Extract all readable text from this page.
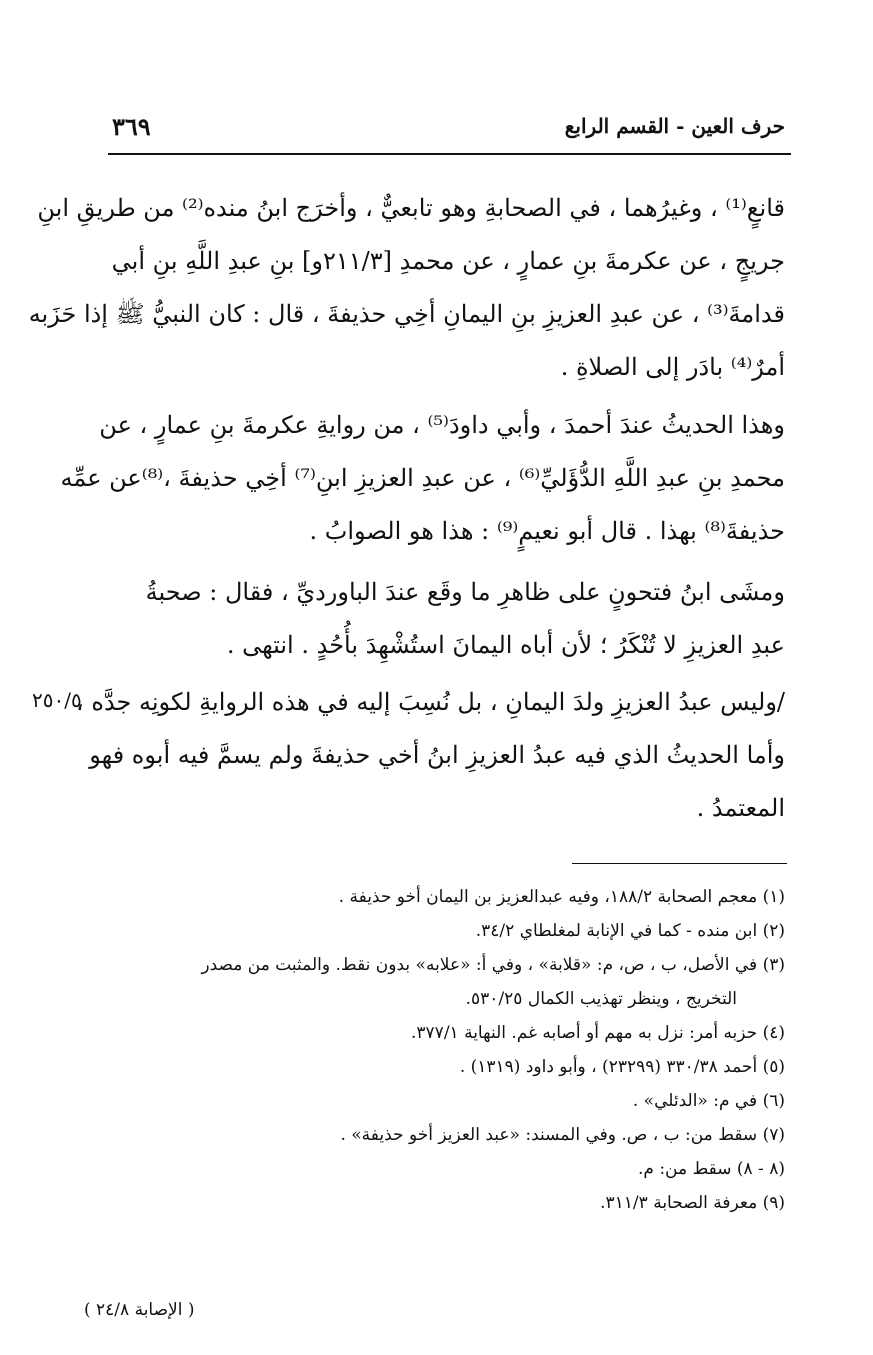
٣٦٩	حرف العين - القسم الرابع
قانعٍ⁽¹⁾ ، وغيرُهما ، في الصحابةِ وهو تابعيٌّ ، وأخرَج ابنُ منده⁽²⁾ من طريقِ ابنِ
جريجٍ ، عن عكرمةَ بنِ عمارٍ ، عن محمدِ [٢١١/٣و] بنِ عبدِ اللَّهِ بنِ أبي
قدامةَ⁽³⁾ ، عن عبدِ العزيزِ بنِ اليمانِ أخِي حذيفةَ ، قال : كان النبيُّ ﷺ إذا حَزَبه
أمرٌ⁽⁴⁾ بادَر إلى الصلاةِ .
وهذا الحديثُ عندَ أحمدَ ، وأبي داودَ⁽⁵⁾ ، من روايةِ عكرمةَ بنِ عمارٍ ، عن
محمدِ بنِ عبدِ اللَّهِ الدُّؤَليِّ⁽⁶⁾ ، عن عبدِ العزيزِ ابنِ⁽⁷⁾ أخِي حذيفةَ ،⁽⁸⁾عن عمِّه
حذيفةَ⁽⁸⁾ بهذا . قال أبو نعيمٍ⁽⁹⁾ : هذا هو الصوابُ .
ومشَى ابنُ فتحونٍ على ظاهرِ ما وقَع عندَ الباورديِّ ، فقال : صحبةُ
عبدِ العزيزِ لا تُنْكَرُ ؛ لأن أباه اليمانَ استُشْهِدَ بأُحُدٍ . انتهى .
/وليس عبدُ العزيزِ ولدَ اليمانِ ، بل نُسِبَ إليه في هذه الروايةِ لكونِه جدَّه ،
وأما الحديثُ الذي فيه عبدُ العزيزِ ابنُ أخي حذيفةَ ولم يسمَّ فيه أبوه فهو
المعتمدُ .
٢٥٠/٥
(١) معجم الصحابة ١٨٨/٢، وفيه عبدالعزيز بن اليمان أخو حذيفة .
(٢) ابن منده - كما في الإنابة لمغلطاي ٣٤/٢.
(٣) في الأصل، ب ، ص، م: «قلابة» ، وفي أ: «علابه» بدون نقط. والمثبت من مصدر
التخريج ، وينظر تهذيب الكمال ٥٣٠/٢٥.
(٤) حزبه أمر: نزل به مهم أو أصابه غم. النهاية ٣٧٧/١.
(٥) أحمد ٣٣٠/٣٨ (٢٣٢٩٩) ، وأبو داود (١٣١٩) .
(٦) في م: «الدئلي» .
(٧) سقط من: ب ، ص. وفي المسند: «عبد العزيز أخو حذيفة» .
(٨ - ٨) سقط من: م.
(٩) معرفة الصحابة ٣١١/٣.
( الإصابة ٢٤/٨ )
